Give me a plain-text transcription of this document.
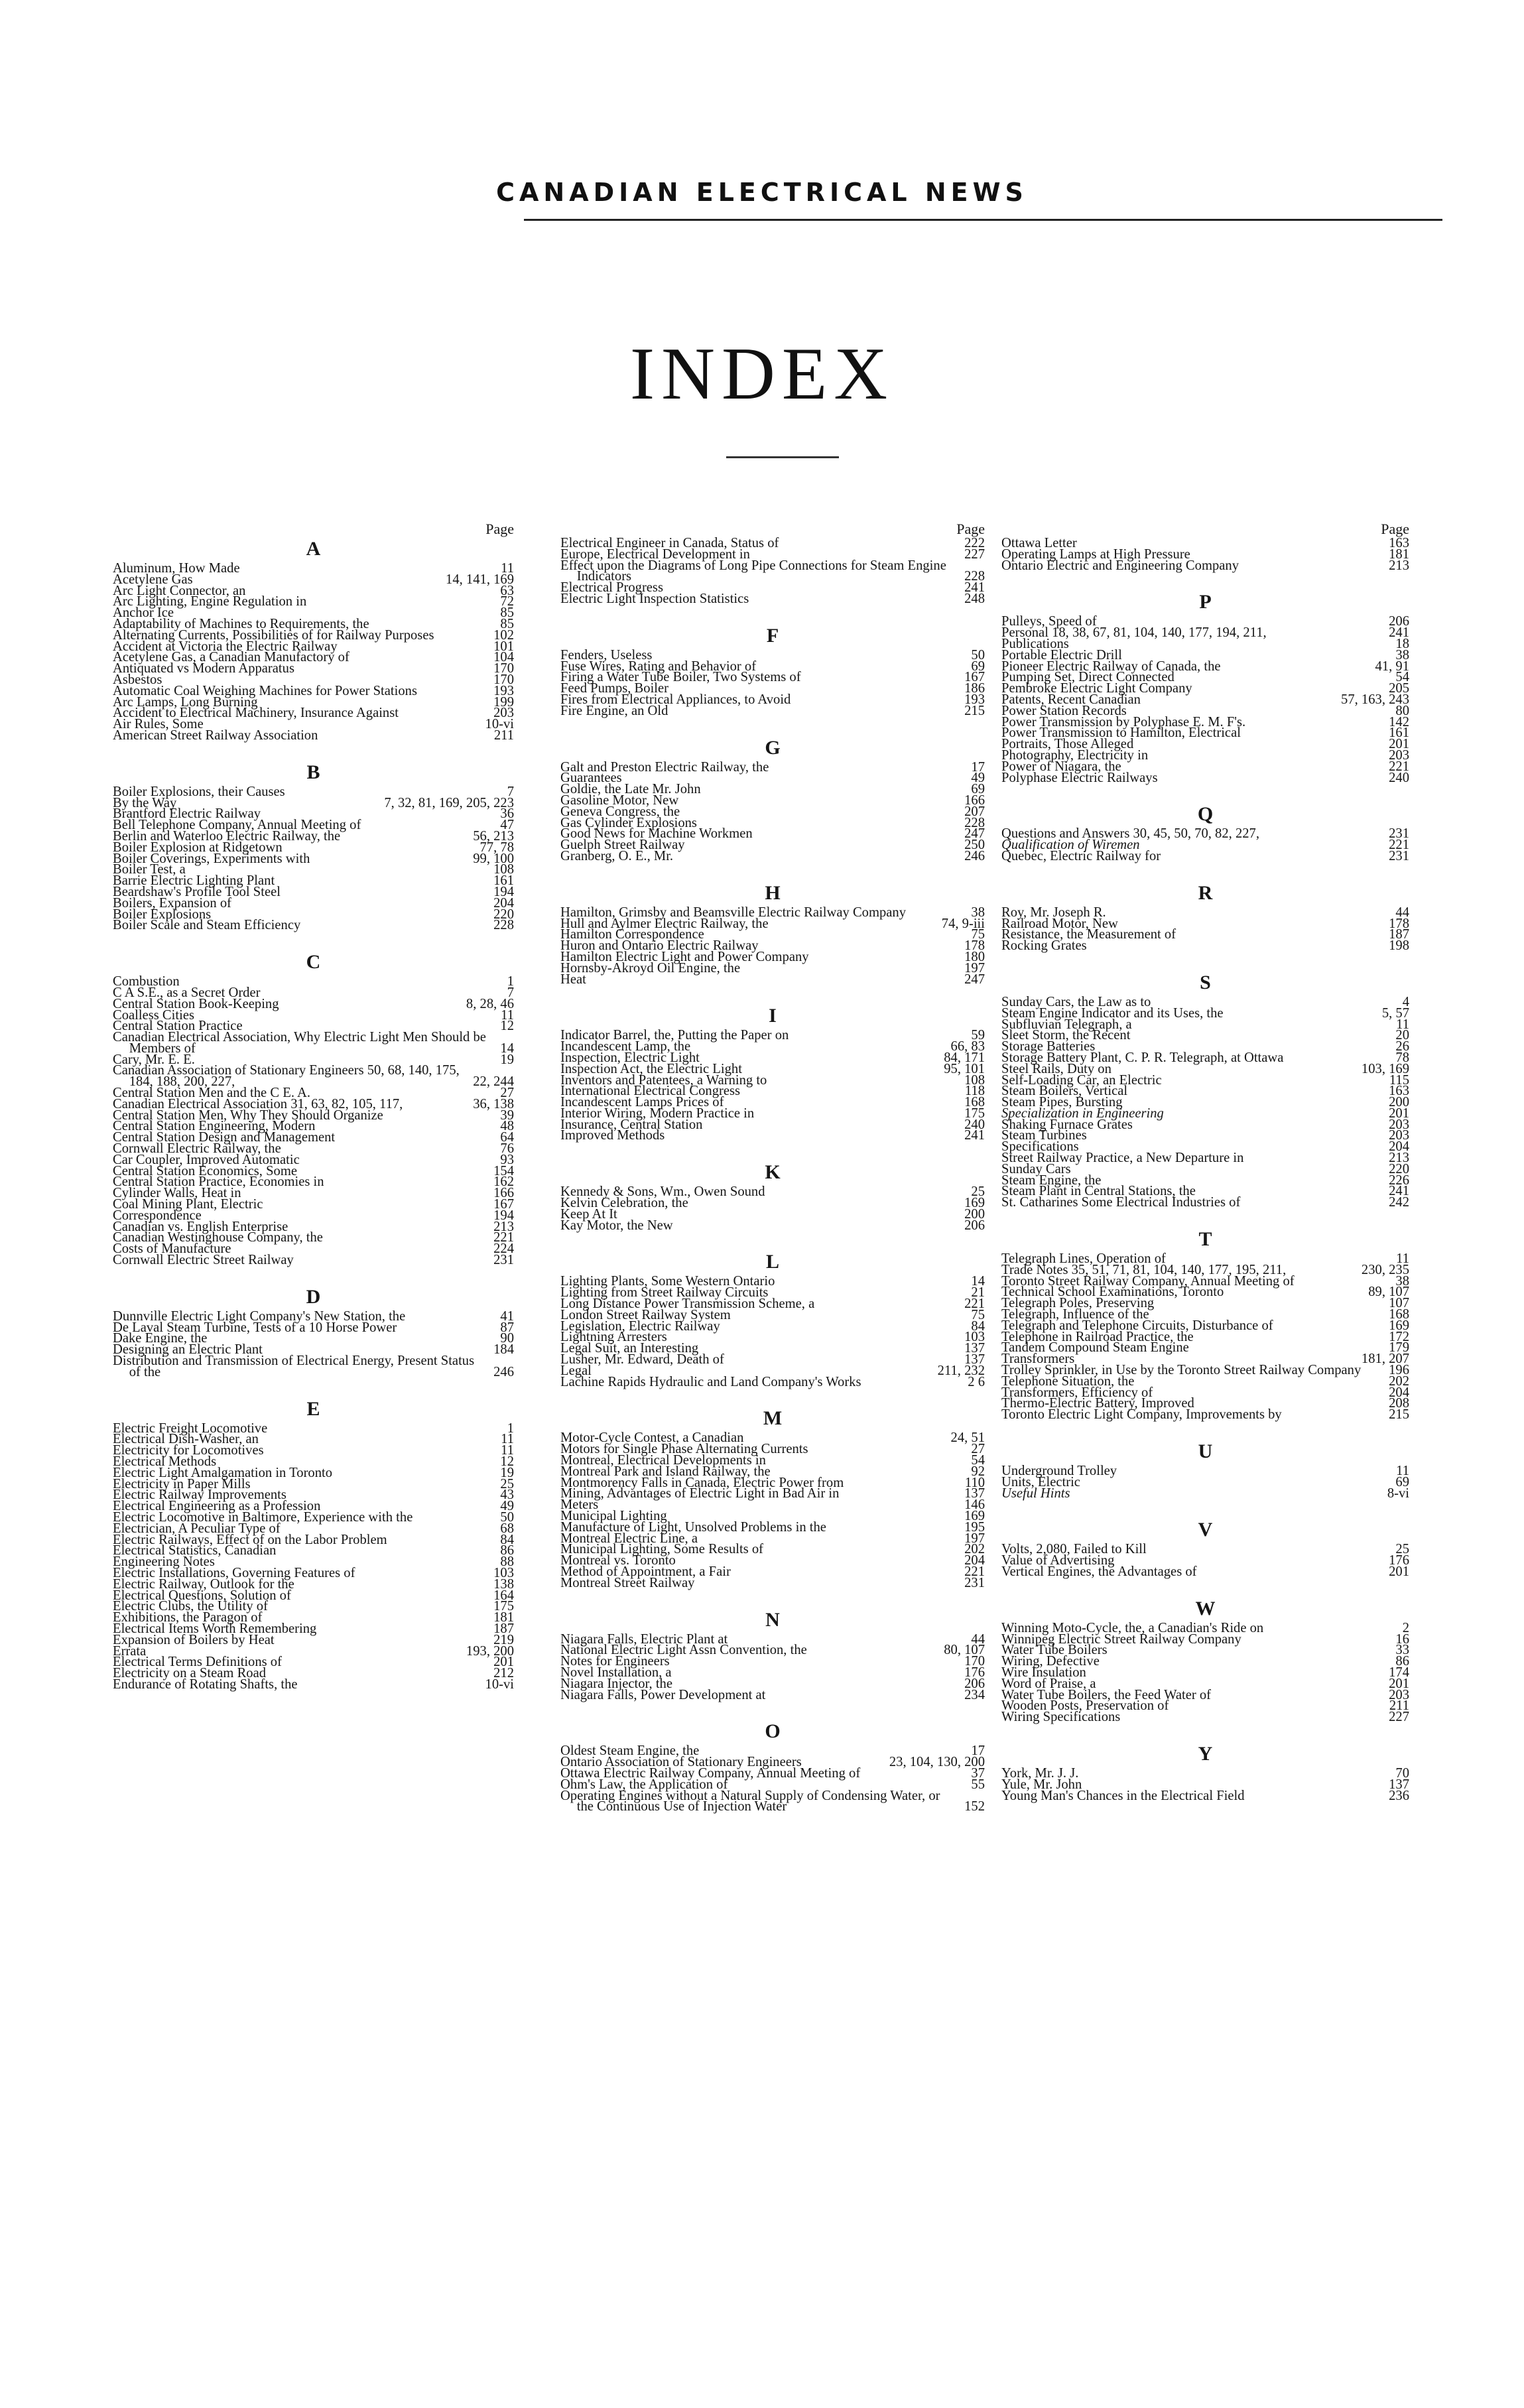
CANADIAN ELECTRICAL NEWS
INDEX
Page
A
Aluminum, How Made	11
Acetylene Gas	14, 141, 169
Arc Light Connector, an	63
Arc Lighting, Engine Regulation in	72
Anchor Ice	85
Adaptability of Machines to Requirements, the	85
Alternating Currents, Possibilities of for Railway Purposes	102
Accident at Victoria the Electric Railway	101
Acetylene Gas, a Canadian Manufactory of	104
Antiquated vs Modern Apparatus	170
Asbestos	170
Automatic Coal Weighing Machines for Power Stations	193
Arc Lamps, Long Burning	199
Accident to Electrical Machinery, Insurance Against	203
Air Rules, Some	10-vi
American Street Railway Association	211
B
Boiler Explosions, their Causes	7
By the Way	7, 32, 81, 169, 205, 223
Brantford Electric Railway	36
Bell Telephone Company, Annual Meeting of	47
Berlin and Waterloo Electric Railway, the	56, 213
Boiler Explosion at Ridgetown	77, 78
Boiler Coverings, Experiments with	99, 100
Boiler Test, a	108
Barrie Electric Lighting Plant	161
Beardshaw's Profile Tool Steel	194
Boilers, Expansion of	204
Boiler Explosions	220
Boiler Scale and Steam Efficiency	228
C
Combustion	1
C A S.E., as a Secret Order	7
Central Station Book-Keeping	8, 28, 46
Coalless Cities	11
Central Station Practice	12
Canadian Electrical Association, Why Electric Light Men Should be Members of	14
Cary, Mr. E. E.	19
Canadian Association of Stationary Engineers 50, 68, 140, 175, 184, 188, 200, 227,	22, 244
Central Station Men and the C E. A.	27
Canadian Electrical Association 31, 63, 82, 105, 117,	36, 138
Central Station Men, Why They Should Organize	39
Central Station Engineering, Modern	48
Central Station Design and Management	64
Cornwall Electric Railway, the	76
Car Coupler, Improved Automatic	93
Central Station Economics, Some	154
Central Station Practice, Economies in	162
Cylinder Walls, Heat in	166
Coal Mining Plant, Electric	167
Correspondence	194
Canadian vs. English Enterprise	213
Canadian Westinghouse Company, the	221
Costs of Manufacture	224
Cornwall Electric Street Railway	231
D
Dunnville Electric Light Company's New Station, the	41
De Laval Steam Turbine, Tests of a 10 Horse Power	87
Dake Engine, the	90
Designing an Electric Plant	184
Distribution and Transmission of Electrical Energy, Present Status of the	246
E
Electric Freight Locomotive	1
Electrical Dish-Washer, an	11
Electricity for Locomotives	11
Electrical Methods	12
Electric Light Amalgamation in Toronto	19
Electricity in Paper Mills	25
Electric Railway Improvements	43
Electrical Engineering as a Profession	49
Electric Locomotive in Baltimore, Experience with the	50
Electrician, A Peculiar Type of	68
Electric Railways, Effect of on the Labor Problem	84
Electrical Statistics, Canadian	86
Engineering Notes	88
Electric Installations, Governing Features of	103
Electric Railway, Outlook for the	138
Electrical Questions, Solution of	164
Electric Clubs, the Utility of	175
Exhibitions, the Paragon of	181
Electrical Items Worth Remembering	187
Expansion of Boilers by Heat	219
Errata	193, 200
Electrical Terms Definitions of	201
Electricity on a Steam Road	212
Endurance of Rotating Shafts, the	10-vi
Page
Electrical Engineer in Canada, Status of	222
Europe, Electrical Development in	227
Effect upon the Diagrams of Long Pipe Connections for Steam Engine Indicators	228
Electrical Progress	241
Electric Light Inspection Statistics	248
F
Fenders, Useless	50
Fuse Wires, Rating and Behavior of	69
Firing a Water Tube Boiler, Two Systems of	167
Feed Pumps, Boiler	186
Fires from Electrical Appliances, to Avoid	193
Fire Engine, an Old	215
G
Galt and Preston Electric Railway, the	17
Guarantees	49
Goldie, the Late Mr. John	69
Gasoline Motor, New	166
Geneva Congress, the	207
Gas Cylinder Explosions	228
Good News for Machine Workmen	247
Guelph Street Railway	250
Granberg, O. E., Mr.	246
H
Hamilton, Grimsby and Beamsville Electric Railway Company	38
Hull and Aylmer Electric Railway, the	74, 9-iii
Hamilton Correspondence	75
Huron and Ontario Electric Railway	178
Hamilton Electric Light and Power Company	180
Hornsby-Akroyd Oil Engine, the	197
Heat	247
I
Indicator Barrel, the, Putting the Paper on	59
Incandescent Lamp, the	66, 83
Inspection, Electric Light	84, 171
Inspection Act, the Electric Light	95, 101
Inventors and Patentees, a Warning to	108
International Electrical Congress	118
Incandescent Lamps Prices of	168
Interior Wiring, Modern Practice in	175
Insurance, Central Station	240
Improved Methods	241
K
Kennedy & Sons, Wm., Owen Sound	25
Kelvin Celebration, the	169
Keep At It	200
Kay Motor, the New	206
L
Lighting Plants, Some Western Ontario	14
Lighting from Street Railway Circuits	21
Long Distance Power Transmission Scheme, a	221
London Street Railway System	75
Legislation, Electric Railway	84
Lightning Arresters	103
Legal Suit, an Interesting	137
Lusher, Mr. Edward, Death of	137
Legal	211, 232
Lachine Rapids Hydraulic and Land Company's Works	2 6
M
Motor-Cycle Contest, a Canadian	24, 51
Motors for Single Phase Alternating Currents	27
Montreal, Electrical Developments in	54
Montreal Park and Island Railway, the	92
Montmorency Falls in Canada, Electric Power from	110
Mining, Advantages of Electric Light in Bad Air in	137
Meters	146
Municipal Lighting	169
Manufacture of Light, Unsolved Problems in the	195
Montreal Electric Line, a	197
Municipal Lighting, Some Results of	202
Montreal vs. Toronto	204
Method of Appointment, a Fair	221
Montreal Street Railway	231
N
Niagara Falls, Electric Plant at	44
National Electric Light Assn Convention, the	80, 107
Notes for Engineers	170
Novel Installation, a	176
Niagara Injector, the	206
Niagara Falls, Power Development at	234
O
Oldest Steam Engine, the	17
Ontario Association of Stationary Engineers	23, 104, 130, 200
Ottawa Electric Railway Company, Annual Meeting of	37
Ohm's Law, the Application of	55
Operating Engines without a Natural Supply of Condensing Water, or the Continuous Use of Injection Water	152
Page
Ottawa Letter	163
Operating Lamps at High Pressure	181
Ontario Electric and Engineering Company	213
P
Pulleys, Speed of	206
Personal 18, 38, 67, 81, 104, 140, 177, 194, 211,	241
Publications	18
Portable Electric Drill	38
Pioneer Electric Railway of Canada, the	41, 91
Pumping Set, Direct Connected	54
Pembroke Electric Light Company	205
Patents, Recent Canadian	57, 163, 243
Power Station Records	80
Power Transmission by Polyphase E. M. F's.	142
Power Transmission to Hamilton, Electrical	161
Portraits, Those Alleged	201
Photography, Electricity in	203
Power of Niagara, the	221
Polyphase Electric Railways	240
Q
Questions and Answers 30, 45, 50, 70, 82, 227,	231
Qualification of Wiremen	221
Quebec, Electric Railway for	231
R
Roy, Mr. Joseph R.	44
Railroad Motor, New	178
Resistance, the Measurement of	187
Rocking Grates	198
S
Sunday Cars, the Law as to	4
Steam Engine Indicator and its Uses, the	5, 57
Subfluvian Telegraph, a	11
Sleet Storm, the Recent	20
Storage Batteries	26
Storage Battery Plant, C. P. R. Telegraph, at Ottawa	78
Steel Rails, Duty on	103, 169
Self-Loading Car, an Electric	115
Steam Boilers, Vertical	163
Steam Pipes, Bursting	200
Specialization in Engineering	201
Shaking Furnace Grates	203
Steam Turbines	203
Specifications	204
Street Railway Practice, a New Departure in	213
Sunday Cars	220
Steam Engine, the	226
Steam Plant in Central Stations, the	241
St. Catharines Some Electrical Industries of	242
T
Telegraph Lines, Operation of	11
Trade Notes 35, 51, 71, 81, 104, 140, 177, 195, 211,	230, 235
Toronto Street Railway Company, Annual Meeting of	38
Technical School Examinations, Toronto	89, 107
Telegraph Poles, Preserving	107
Telegraph, Influence of the	168
Telegraph and Telephone Circuits, Disturbance of	169
Telephone in Railroad Practice, the	172
Tandem Compound Steam Engine	179
Transformers	181, 207
Trolley Sprinkler, in Use by the Toronto Street Railway Company	196
Telephone Situation, the	202
Transformers, Efficiency of	204
Thermo-Electric Battery, Improved	208
Toronto Electric Light Company, Improvements by	215
U
Underground Trolley	11
Units, Electric	69
Useful Hints	8-vi
V
Volts, 2,080, Failed to Kill	25
Value of Advertising	176
Vertical Engines, the Advantages of	201
W
Winning Moto-Cycle, the, a Canadian's Ride on	2
Winnipeg Electric Street Railway Company	16
Water Tube Boilers	33
Wiring, Defective	86
Wire Insulation	174
Word of Praise, a	201
Water Tube Boilers, the Feed Water of	203
Wooden Posts, Preservation of	211
Wiring Specifications	227
Y
York, Mr. J. J.	70
Yule, Mr. John	137
Young Man's Chances in the Electrical Field	236
